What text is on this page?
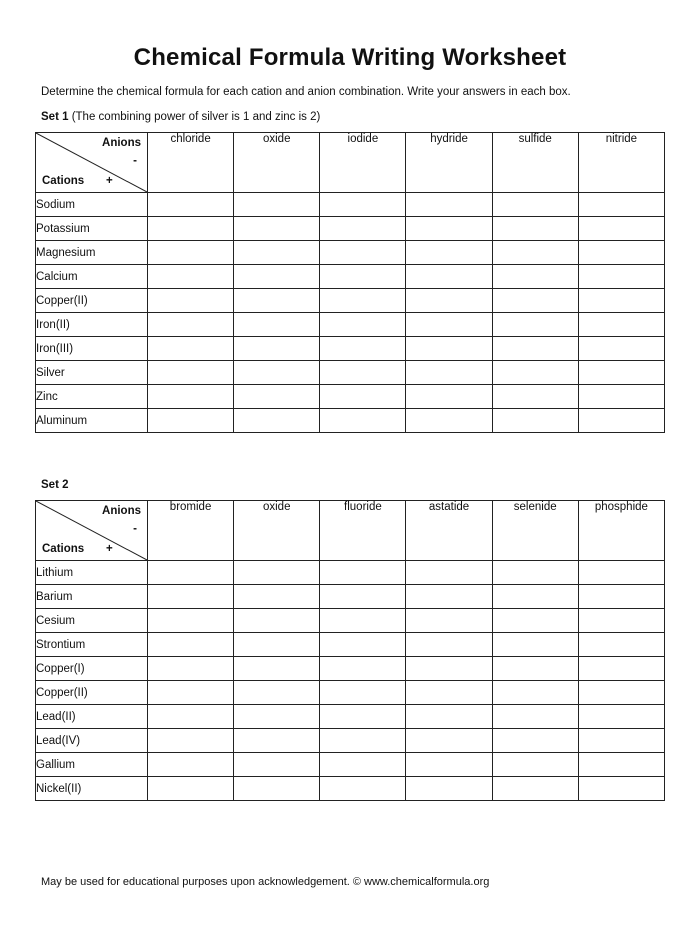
Chemical Formula Writing Worksheet
Determine the chemical formula for each cation and anion combination. Write your answers in each box.
Set 1 (The combining power of silver is 1 and zinc is 2)
Anions
-
Cations +	chloride	oxide	iodide	hydride	sulfide	nitride
Sodium						
Potassium						
Magnesium						
Calcium						
Copper(II)						
Iron(II)						
Iron(III)						
Silver						
Zinc						
Aluminum						
Set 2
Anions
-
Cations +	bromide	oxide	fluoride	astatide	selenide	phosphide
Lithium						
Barium						
Cesium						
Strontium						
Copper(I)						
Copper(II)						
Lead(II)						
Lead(IV)						
Gallium						
Nickel(II)						
May be used for educational purposes upon acknowledgement. © www.chemicalformula.org
